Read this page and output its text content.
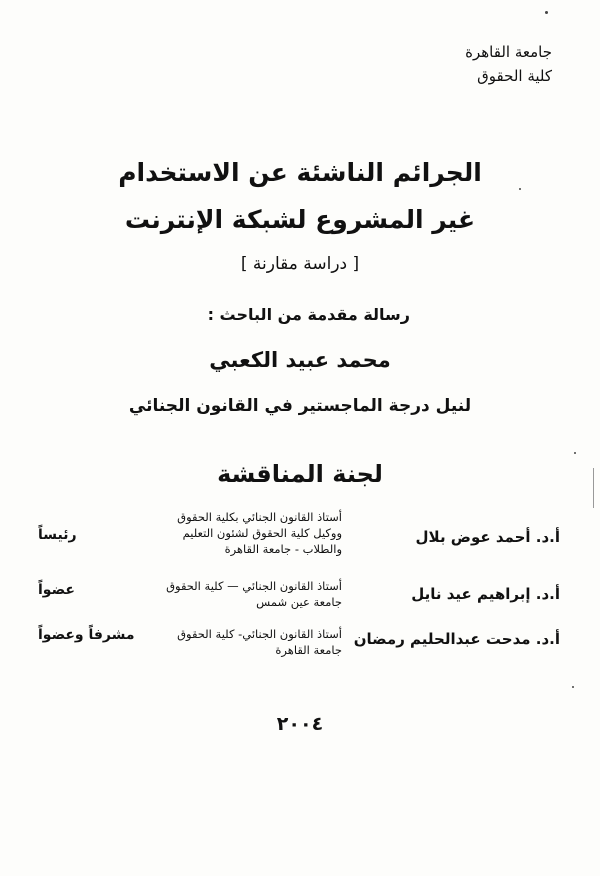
جامعة القاهرة
كلية الحقوق
الجرائم الناشئة عن الاستخدام
غير المشروع لشبكة الإنترنت
[ دراسة مقارنة ]
رسالة مقدمة من الباحث :
محمد عبيد الكعبي
لنيل درجة الماجستير في القانون الجنائي
لجنة المناقشة
أ.د. أحمد عوض بلال
أستاذ القانون الجنائي بكلية الحقوق
ووكيل كلية الحقوق لشئون التعليم
والطلاب - جامعة القاهرة
رئيساً
أ.د. إبراهيم عيد نايل
أستاذ القانون الجنائي — كلية الحقوق
جامعة عين شمس
عضواً
أ.د. مدحت عبدالحليم رمضان
أستاذ القانون الجنائي- كلية الحقوق
جامعة القاهرة
مشرفاً وعضواً
٢٠٠٤
